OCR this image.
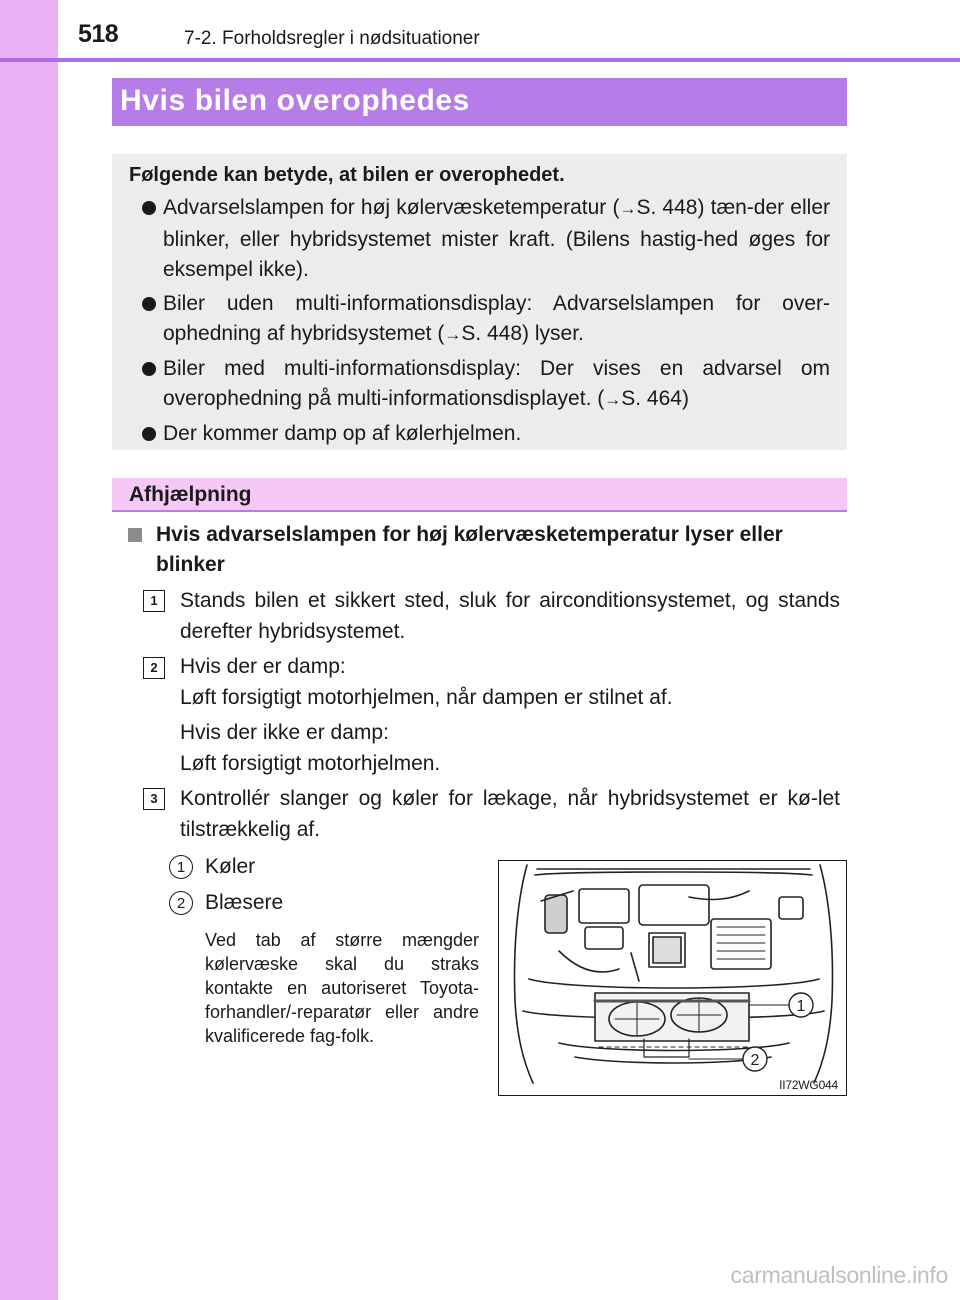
518	7-2. Forholdsregler i nødsituationer
Hvis bilen overophedes
Følgende kan betyde, at bilen er overophedet.
Advarselslampen for høj kølervæsketemperatur (→S. 448) tæn-der eller blinker, eller hybridsystemet mister kraft. (Bilens hastig-hed øges for eksempel ikke).
Biler uden multi-informationsdisplay: Advarselslampen for over-ophedning af hybridsystemet (→S. 448) lyser.
Biler med multi-informationsdisplay: Der vises en advarsel om overophedning på multi-informationsdisplayet. (→S. 464)
Der kommer damp op af kølerhjelmen.
Afhjælpning
Hvis advarselslampen for høj kølervæsketemperatur lyser eller blinker
1	Stands bilen et sikkert sted, sluk for airconditionsystemet, og stands derefter hybridsystemet.
2	Hvis der er damp:
Løft forsigtigt motorhjelmen, når dampen er stilnet af.
Hvis der ikke er damp:
Løft forsigtigt motorhjelmen.
3	Kontrollér slanger og køler for lækage, når hybridsystemet er kø-let tilstrækkelig af.
1 Køler
2 Blæsere
Ved tab af større mængder kølervæske skal du straks kontakte en autoriseret Toyota-forhandler/-reparatør eller andre kvalificerede fag-folk.
1
2
II72WG044
carmanualsonline.info
